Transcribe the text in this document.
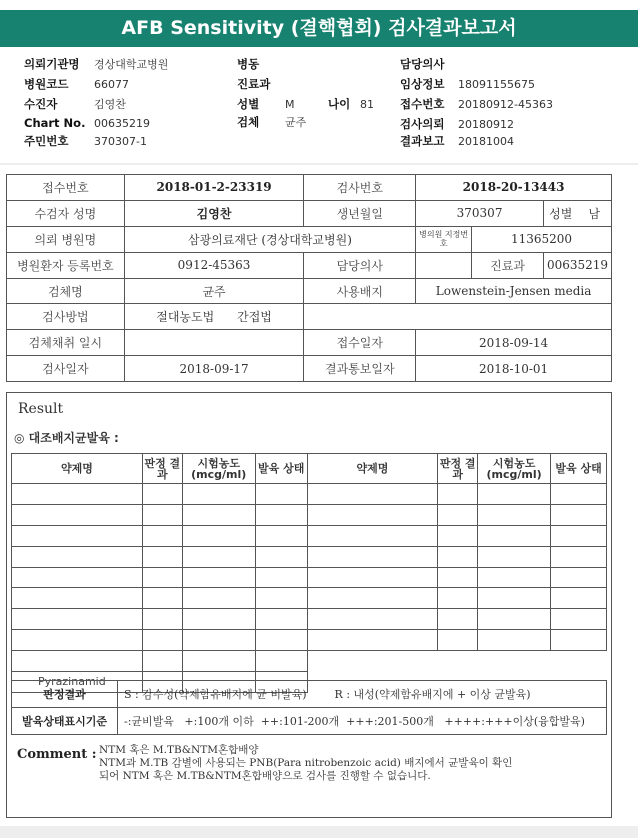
AFB Sensitivity (결핵협회) 검사결과보고서
의뢰기관명 경상대학교병원
병원코드 66077
수진자	김영찬
Chart No. 00635219
주민번호 370307-1
병동
진료과
성별 M	나이 81
검체 균주
담당의사
임상정보 18091155675
접수번호 20180912-45363
검사의뢰 20180912
결과보고 20181004
접수번호	2018-01-2-23319	검사번호	2018-20-13443		
수검자 성명	김영찬	생년월일	370307		성별 남

의뢰 병원명	삼광의료재단 (경상대학교병원)		병의원 지정번호	11365200	
병원환자 등록번호	0912-45363	담당의사		진료과	00635219
검체명	균주	사용배지	Lowenstein-Jensen media		
검사방법	절대농도법 간접법				
검체채취 일시		접수일자	2018-09-14		
검사일자	2018-09-17	결과통보일자	2018-10-01		
Result
◎ 대조배지균발육 :
약제명	판정 결과	시험농도 (mcg/ml)	발육 상태	약제명	판정 결과	시험농도 (mcg/ml)	발육 상태

Pyrazinamid							
판정결과	S : 감수성(약제함유배지에 균 비발육)        R : 내성(약제함유배지에 + 이상 균발육)
발육상태표시기준	-:균비발육   +:100개 이하  ++:101-200개  +++:201-500개   ++++:+++이상(융합발육)
Comment : NTM 혹은 M.TB&NTM혼합배양
NTM과 M.TB 감별에 사용되는 PNB(Para nitrobenzoic acid) 배지에서 균발육이 확인
되어 NTM 혹은 M.TB&NTM혼합배양으로 검사를 진행할 수 없습니다.
